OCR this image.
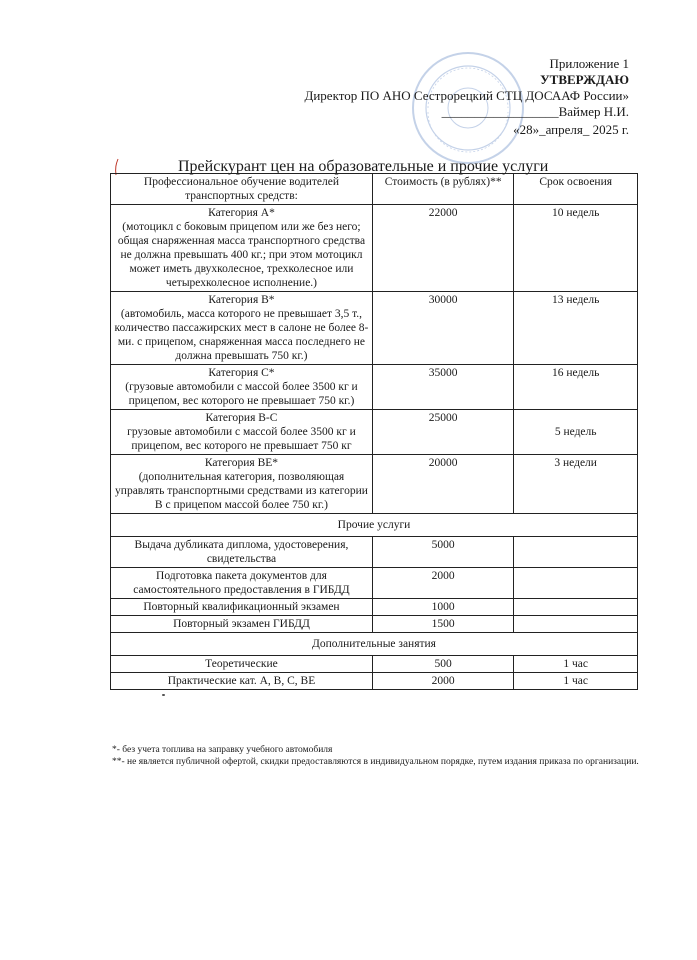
Приложение 1
УТВЕРЖДАЮ
Директор ПО АНО Сестрорецкий СТЦ ДОСААФ России»
__________________Ваймер Н.И.
«28»_апреля_ 2025 г.
Прейскурант цен на образовательные и прочие услуги
Профессиональное обучение водителей транспортных средств:	Стоимость (в рублях)**	Срок освоения

Категория А*
(мотоцикл с боковым прицепом или же без него; общая снаряженная масса транспортного средства не должна превышать 400 кг.; при этом мотоцикл может иметь двухколесное, трехколесное или четырехколесное исполнение.)	22000	10 недель

Категория В*
(автомобиль, масса которого не превышает 3,5 т., количество пассажирских мест в салоне не более 8-ми. с прицепом, снаряженная масса последнего не должна превышать 750 кг.)	30000	13 недель

Категория С*
(грузовые автомобили с массой более 3500 кг и прицепом, вес которого не превышает 750 кг.)	35000	16 недель

Категория В-С
грузовые автомобили с массой более 3500 кг и прицепом, вес которого не превышает 750 кг	25000	5 недель

Категория ВЕ*
(дополнительная категория, позволяющая управлять транспортными средствами из категории В с прицепом массой более 750 кг.)	20000	3 недели
Прочие услуги		
Выдача дубликата диплома, удостоверения, свидетельства	5000	
Подготовка пакета документов для самостоятельного предоставления в ГИБДД	2000	
Повторный квалификационный экзамен	1000	
Повторный экзамен ГИБДД	1500	
Дополнительные занятия		
Теоретические	500	1 час
Практические кат. А, В, С, ВЕ	2000	1 час
*- без учета топлива на заправку учебного автомобиля
**- не является публичной офертой, скидки предоставляются в индивидуальном порядке, путем издания приказа по организации.
